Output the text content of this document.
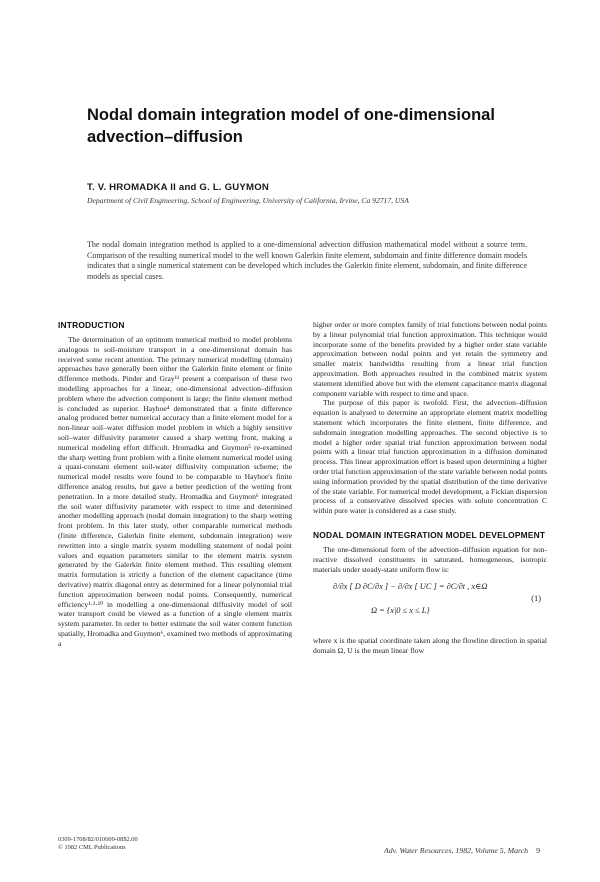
Nodal domain integration model of one-dimensional advection–diffusion
T. V. HROMADKA II and G. L. GUYMON
Department of Civil Engineering, School of Engineering, University of California, Irvine, Ca 92717, USA
The nodal domain integration method is applied to a one-dimensional advection diffusion mathematical model without a source term. Comparison of the resulting numerical model to the well known Galerkin finite element, subdomain and finite difference domain models indicates that a single numerical statement can be developed which includes the Galerkin finite element, subdomain, and finite difference models as special cases.
INTRODUCTION

The determination of an optimum numerical method to model problems analogous to soil-moisture transport in a one-dimensional domain has received some recent attention. The primary numerical modelling (domain) approaches have generally been either the Galerkin finite element or finite difference methods. Pinder and Gray¹¹ present a comparison of these two modelling approaches for a linear, one-dimensional advection–diffusion problem where the advection component is large; the finite element method is concluded as superior. Hayhoe⁴ demonstrated that a finite difference analog produced better numerical accuracy than a finite element model for a non-linear soil–water diffusion model problem in which a highly sensitive soil–water diffusivity parameter caused a sharp wetting front, making a numerical modeling effort difficult. Hromadka and Guymon⁵ re-examined the sharp wetting front problem with a finite element numerical model using a quasi-constant element soil-water diffusivity computation scheme; the numerical model results were found to be comparable to Hayhoe's finite difference analog results, but gave a better prediction of the wetting front penetration. In a more detailed study, Hromadka and Guymon⁶ integrated the soil water diffusivity parameter with respect to time and determined another modelling approach (nodal domain integration) to the sharp wetting front problem. In this later study, other comparable numerical methods (finite difference, Galerkin finite element, subdomain integration) were rewritten into a single matrix system modelling statement of nodal point values and equation parameters similar to the element matrix system generated by the Galerkin finite element method. This resulting element matrix formulation is strictly a function of the element capacitance (time derivative) matrix diagonal entry as determined for a linear polynomial trial function approximation between nodal points. Consequently, numerical efficiency¹·³·¹⁰ in modelling a one-dimensional diffusivity model of soil water transport could be viewed as a function of a single element matrix system parameter. In order to better estimate the soil water content function spatially, Hromadka and Guymon⁶, examined two methods of approximating a

higher order or more complex family of trial functions between nodal points by a linear polynomial trial function approximation. This technique would incorporate some of the benefits provided by a higher order state variable approximation between nodal points and yet retain the symmetry and smaller matrix handwidths resulting from a linear trial function approximation. Both approaches resulted in the combined matrix system statement identified above but with the element capacitance matrix diagonal component variable with respect to time and space.

The purpose of this paper is twofold. First, the advection–diffusion equation is analysed to determine an appropriate element matrix modelling statement which incorporates the finite element, finite difference, and subdomain integration modelling approaches. The second objective is to model a higher order spatial trial function approximation between nodal points with a linear trial function approximation in a diffusion dominated process. This linear approximation effort is based upon determining a higher order trial function approximation of the state variable between nodal points using information provided by the spatial distribution of the time derivative of the state variable. For numerical model development, a Fickian dispersion process of a conservative dissolved species with solute concentration C within pure water is considered as a case study.

NODAL DOMAIN INTEGRATION MODEL DEVELOPMENT

The one-dimensional form of the advection–diffusion equation for non-reactive dissolved constituents in saturated, homogeneous, isotropic materials under steady-state uniform flow is:

∂/∂x [ D ∂C/∂x ] − ∂/∂x [ UC ] = ∂C/∂t , x∈Ω
Ω = {x|0 ≤ x ≤ L}
(1)

where x is the spatial coordinate taken along the flowline direction in spatial domain Ω, U is the mean linear flow

0309-1708/82/010009-08$2.00
© 1982 CML Publications	Adv. Water Resources, 1982, Volume 5, March 9
